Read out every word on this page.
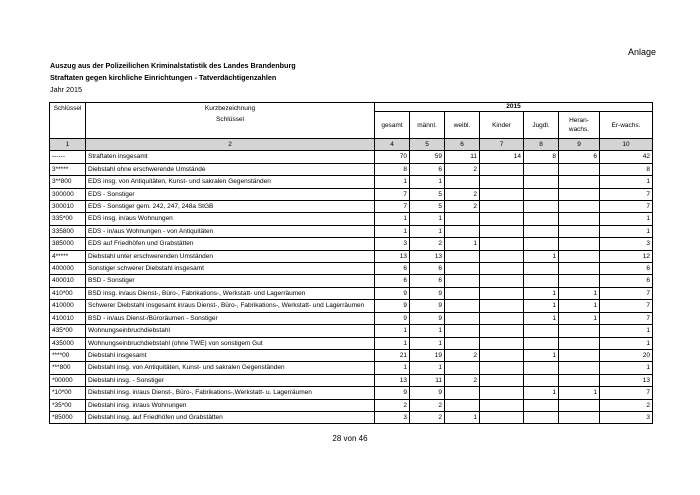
Anlage
Auszug aus der Polizeilichen Kriminalstatistik des Landes Brandenburg
Straftaten gegen kirchliche Einrichtungen - Tatverdächtigenzahlen
Jahr 2015
Schlüssel	Kurzbezeichnung
Schlüssel	2015						
		gesamt	männl.	weibl.	Kinder	Jugdl.	Heran-wachs.	Er-wachs.
1	2	4	5	6	7	8	9	10
------	Straftaten insgesamt	70	59	11	14	8	6	42
3*****	Diebstahl ohne erschwerende Umstände	8	6	2				8
3**800	EDS insg. von Antiquitäten, Kunst- und sakralen Gegenständen	1	1					1
300000	EDS - Sonstiger	7	5	2				7
300010	EDS - Sonstiger gem. 242, 247, 248a StGB	7	5	2				7
335*00	EDS insg. in/aus Wohnungen	1	1					1
335800	EDS - in/aus Wohnungen - von Antiquitäten	1	1					1
385000	EDS auf Friedhöfen und Grabstätten	3	2	1				3
4*****	Diebstahl unter erschwerenden Umständen	13	13			1		12
400000	Sonstiger schwerer Diebstahl insgesamt	6	6					6
400010	BSD - Sonstiger	6	6					6
410*00	BSD insg. in/aus Dienst-, Büro-, Fabrikations-, Werkstatt- und Lagerräumen	9	9			1	1	7
410000	Schwerer Diebstahl insgesamt in/aus Dienst-, Büro-, Fabrikations-, Werkstatt- und Lagerräumen	9	9			1	1	7
410010	BSD - in/aus Dienst-/Büroräumen - Sonstiger	9	9			1	1	7
435*00	Wohnungseinbruchdiebstahl	1	1					1
435000	Wohnungseinbruchdiebstahl (ohne TWE) von sonstigem Gut	1	1					1
****00	Diebstahl insgesamt	21	19	2		1		20
***800	Diebstahl insg. von Antiquitäten, Kunst- und sakralen Gegenständen	1	1					1
*00000	Diebstahl insg. - Sonstiger	13	11	2				13
*10*00	Diebstahl insg. in/aus Dienst-, Büro-, Fabrikations-,Werkstatt- u. Lagerräumen	9	9			1	1	7
*35*00	Diebstahl insg. in/aus Wohnungen	2	2					2
*85000	Diebstahl insg. auf Friedhöfen und Grabstätten	3	2	1				3
28 von 46
